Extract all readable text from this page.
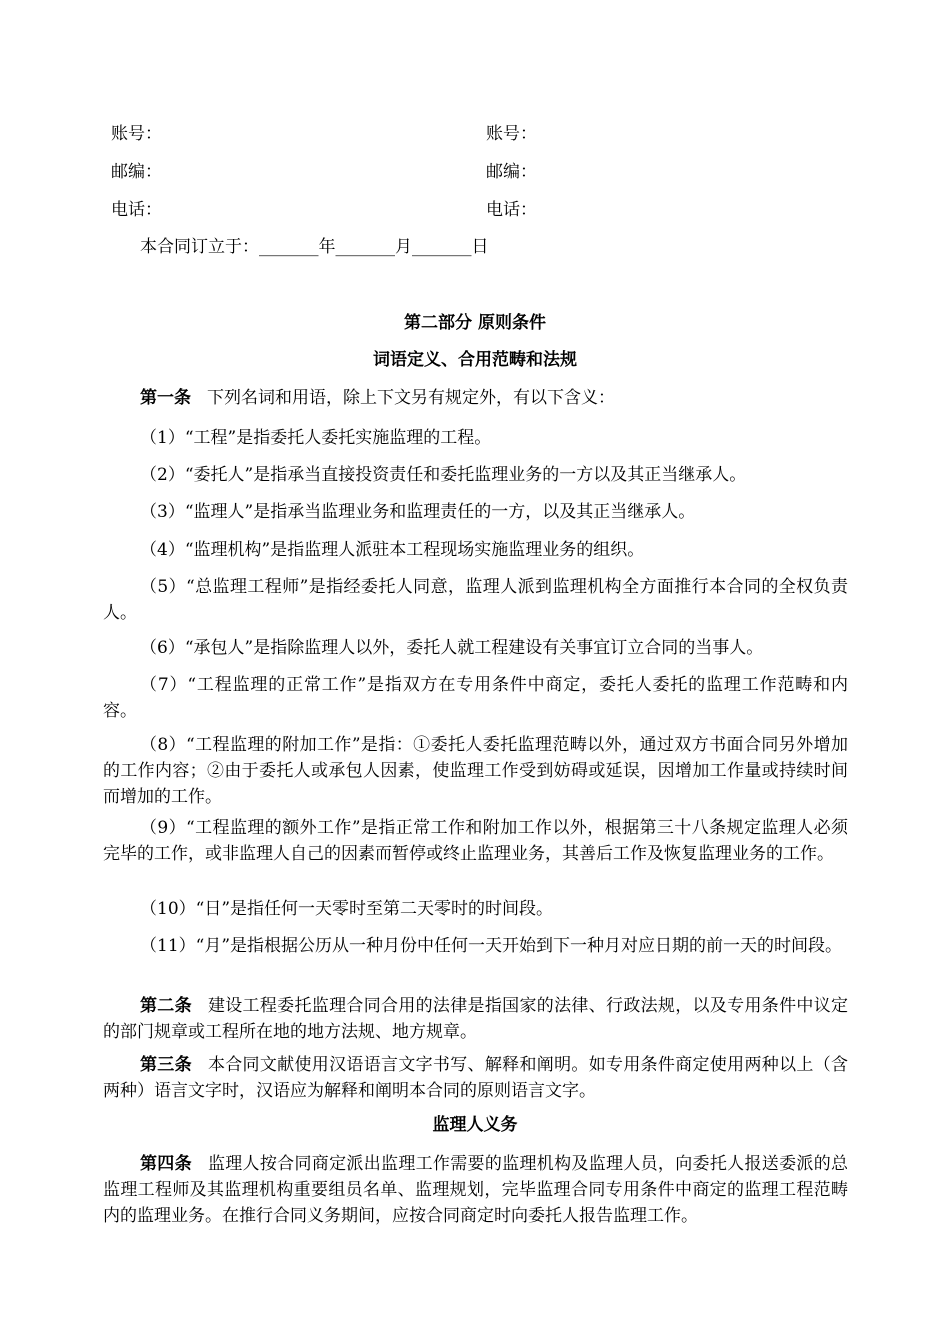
账号：	账号：
邮编：	邮编：
电话：	电话：
本合同订立于：_______年_______月_______日
第二部分 原则条件
词语定义、合用范畴和法规
第一条 下列名词和用语，除上下文另有规定外，有以下含义：
（1）“工程”是指委托人委托实施监理的工程。
（2）“委托人”是指承当直接投资责任和委托监理业务的一方以及其正当继承人。
（3）“监理人”是指承当监理业务和监理责任的一方，以及其正当继承人。
（4）“监理机构”是指监理人派驻本工程现场实施监理业务的组织。
（5）“总监理工程师”是指经委托人同意，监理人派到监理机构全方面推行本合同的全权负责人。
（6）“承包人”是指除监理人以外，委托人就工程建设有关事宜订立合同的当事人。
（7）“工程监理的正常工作”是指双方在专用条件中商定，委托人委托的监理工作范畴和内容。
（8）“工程监理的附加工作”是指：①委托人委托监理范畴以外，通过双方书面合同另外增加的工作内容；②由于委托人或承包人因素，使监理工作受到妨碍或延误，因增加工作量或持续时间而增加的工作。
（9）“工程监理的额外工作”是指正常工作和附加工作以外，根据第三十八条规定监理人必须完毕的工作，或非监理人自己的因素而暂停或终止监理业务，其善后工作及恢复监理业务的工作。
（10）“日”是指任何一天零时至第二天零时的时间段。
（11）“月”是指根据公历从一种月份中任何一天开始到下一种月对应日期的前一天的时间段。
第二条 建设工程委托监理合同合用的法律是指国家的法律、行政法规，以及专用条件中议定的部门规章或工程所在地的地方法规、地方规章。
第三条 本合同文献使用汉语语言文字书写、解释和阐明。如专用条件商定使用两种以上（含两种）语言文字时，汉语应为解释和阐明本合同的原则语言文字。
监理人义务
第四条 监理人按合同商定派出监理工作需要的监理机构及监理人员，向委托人报送委派的总监理工程师及其监理机构重要组员名单、监理规划，完毕监理合同专用条件中商定的监理工程范畴内的监理业务。在推行合同义务期间，应按合同商定时向委托人报告监理工作。
